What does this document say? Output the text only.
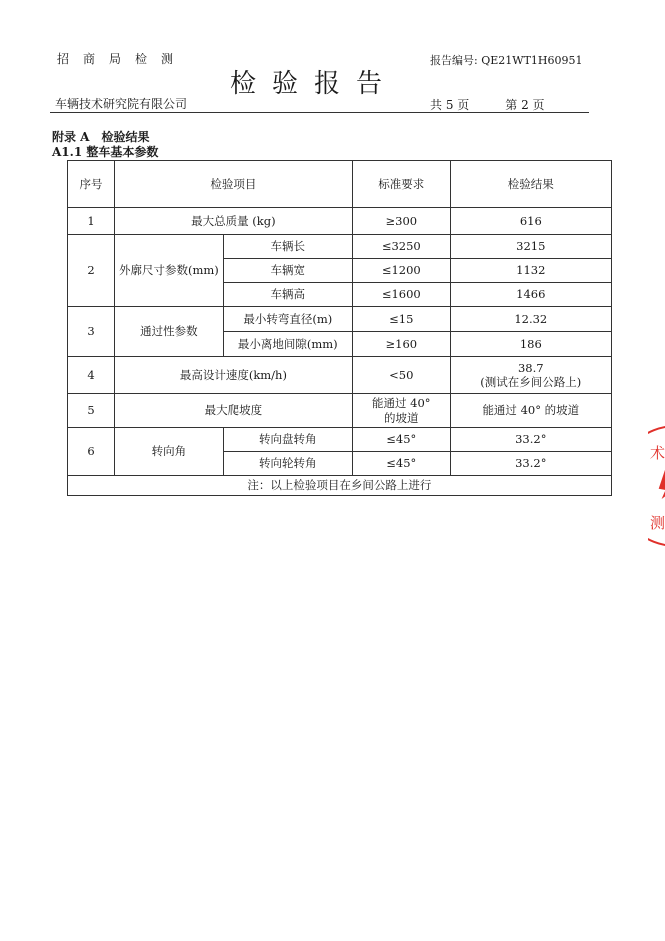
招商局检测	报告编号: QE21WT1H60951
检验报告
车辆技术研究院有限公司	共 5 页　　　第 2 页
附录 A　检验结果
A1.1 整车基本参数
序号	检验项目		标准要求	检验结果
1	最大总质量 (kg)		≥300	616
2	外廓尺寸参数(mm)	车辆长	≤3250	3215
		车辆宽	≤1200	1132
		车辆高	≤1600	1466
3	通过性参数	最小转弯直径(m)	≤15	12.32
		最小离地间隙(mm)	≥160	186
4	最高设计速度(km/h)		<50	38.7
(测试在乡间公路上)
5	最大爬坡度		能通过 40°
的坡道	能通过 40° 的坡道
6	转向角	转向盘转角	≤45°	33.2°
		转向轮转角	≤45°	33.2°
注：以上检验项目在乡间公路上进行				
术
测
